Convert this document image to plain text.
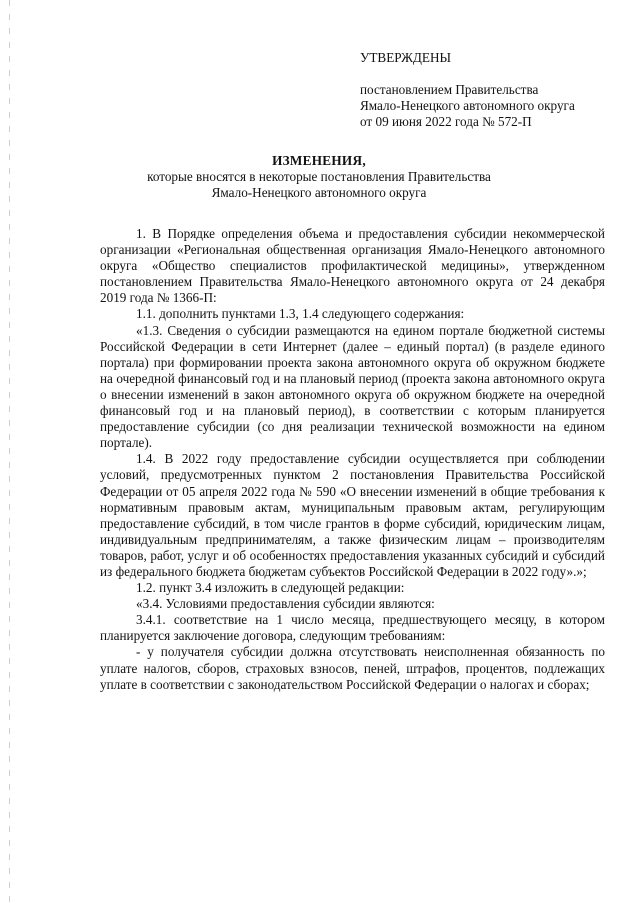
УТВЕРЖДЕНЫ
постановлением Правительства
Ямало-Ненецкого автономного округа
от 09 июня 2022 года № 572-П
ИЗМЕНЕНИЯ,
которые вносятся в некоторые постановления Правительства
Ямало-Ненецкого автономного округа

1. В Порядке определения объема и предоставления субсидии некоммерческой организации «Региональная общественная организация Ямало-Ненецкого автономного округа «Общество специалистов профилактической медицины», утвержденном постановлением Правительства Ямало-Ненецкого автономного округа от 24 декабря 2019 года № 1366-П:

1.1. дополнить пунктами 1.3, 1.4 следующего содержания:

«1.3. Сведения о субсидии размещаются на едином портале бюджетной системы Российской Федерации в сети Интернет (далее – единый портал) (в разделе единого портала) при формировании проекта закона автономного округа об окружном бюджете на очередной финансовый год и на плановый период (проекта закона автономного округа о внесении изменений в закон автономного округа об окружном бюджете на очередной финансовый год и на плановый период), в соответствии с которым планируется предоставление субсидии (со дня реализации технической возможности на едином портале).

1.4. В 2022 году предоставление субсидии осуществляется при соблюдении условий, предусмотренных пунктом 2 постановления Правительства Российской Федерации от 05 апреля 2022 года № 590 «О внесении изменений в общие требования к нормативным правовым актам, муниципальным правовым актам, регулирующим предоставление субсидий, в том числе грантов в форме субсидий, юридическим лицам, индивидуальным предпринимателям, а также физическим лицам – производителям товаров, работ, услуг и об особенностях предоставления указанных субсидий и субсидий из федерального бюджета бюджетам субъектов Российской Федерации в 2022 году».»;

1.2. пункт 3.4 изложить в следующей редакции:

«3.4. Условиями предоставления субсидии являются:

3.4.1. соответствие на 1 число месяца, предшествующего месяцу, в котором планируется заключение договора, следующим требованиям:

- у получателя субсидии должна отсутствовать неисполненная обязанность по уплате налогов, сборов, страховых взносов, пеней, штрафов, процентов, подлежащих уплате в соответствии с законодательством Российской Федерации о налогах и сборах;
